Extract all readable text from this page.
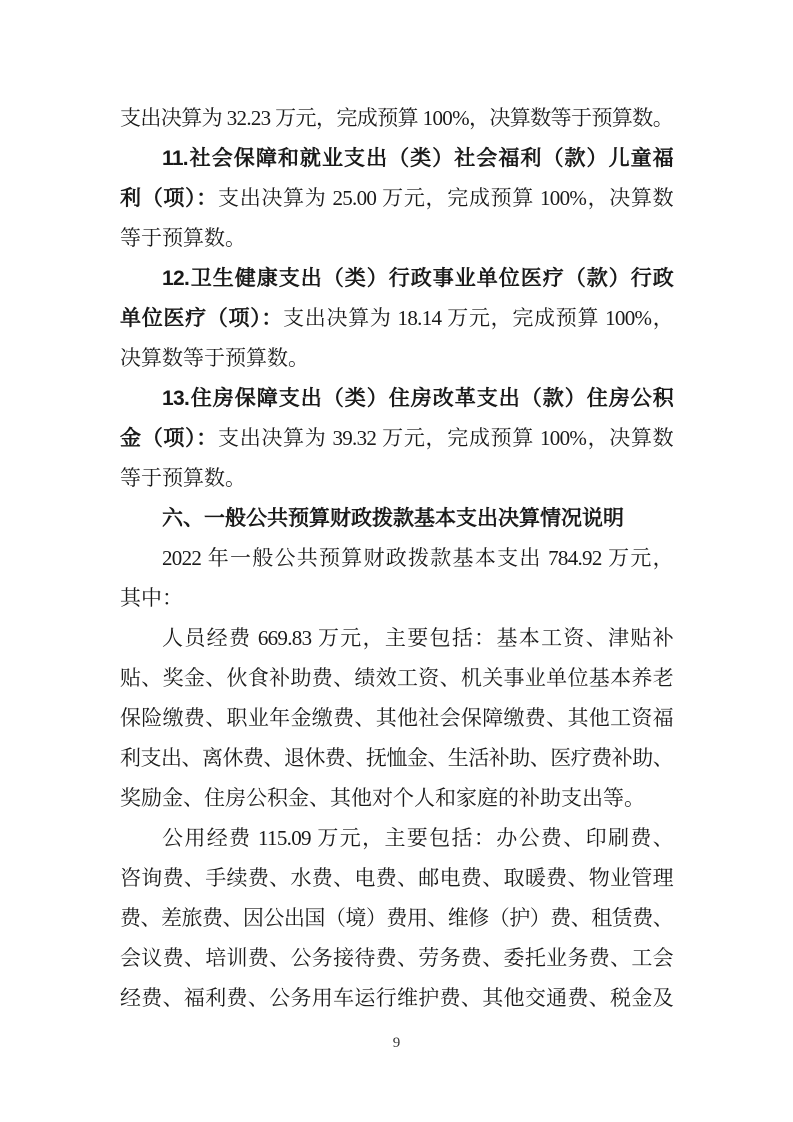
支出决算为 32.23 万元，完成预算 100%，决算数等于预算数。
11.社会保障和就业支出（类）社会福利（款）儿童福
利（项）：支出决算为 25.00 万元，完成预算 100%，决算数
等于预算数。
12.卫生健康支出（类）行政事业单位医疗（款）行政
单位医疗（项）：支出决算为 18.14 万元，完成预算 100%，
决算数等于预算数。
13.住房保障支出（类）住房改革支出（款）住房公积
金（项）：支出决算为 39.32 万元，完成预算 100%，决算数
等于预算数。
六、一般公共预算财政拨款基本支出决算情况说明
2022 年一般公共预算财政拨款基本支出 784.92 万元，
其中：
人员经费 669.83 万元，主要包括：基本工资、津贴补
贴、奖金、伙食补助费、绩效工资、机关事业单位基本养老
保险缴费、职业年金缴费、其他社会保障缴费、其他工资福
利支出、离休费、退休费、抚恤金、生活补助、医疗费补助、
奖励金、住房公积金、其他对个人和家庭的补助支出等。
公用经费 115.09 万元，主要包括：办公费、印刷费、
咨询费、手续费、水费、电费、邮电费、取暖费、物业管理
费、差旅费、因公出国（境）费用、维修（护）费、租赁费、
会议费、培训费、公务接待费、劳务费、委托业务费、工会
经费、福利费、公务用车运行维护费、其他交通费、税金及
9
